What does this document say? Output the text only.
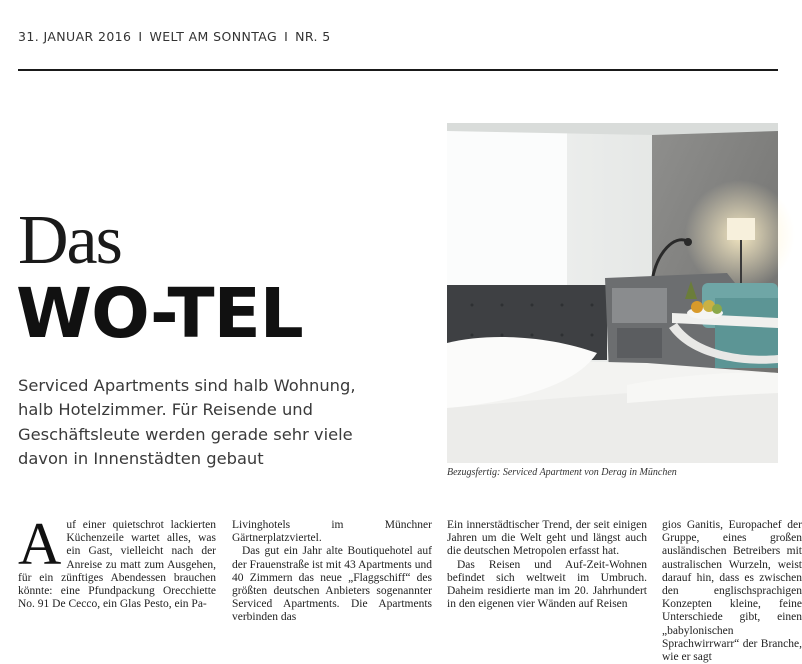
31. JANUAR 2016 I WELT AM SONNTAG I NR. 5
Das
WO-TEL

Serviced Apartments sind halb Wohnung,
halb Hotelzimmer. Für Reisende und
Geschäftsleute werden gerade sehr viele
davon in Innenstädten gebaut

Bezugsfertig: Serviced Apartment von Derag in München
A uf einer quietschrot lackierten Küchenzeile wartet alles, was ein Gast, vielleicht nach der Anreise zu matt zum Ausgehen, für ein zünftiges Abendessen brauchen könnte: eine Pfundpackung Orecchiette No. 91 De Cecco, ein Glas Pesto, ein Pa-

Livinghotels im Münchner Gärtnerplatzviertel.

Das gut ein Jahr alte Boutiquehotel auf der Frauenstraße ist mit 43 Apartments und 40 Zimmern das neue „Flaggschiff“ des größten deutschen Anbieters sogenannter Serviced Apartments. Die Apartments verbinden das

Ein innerstädtischer Trend, der seit einigen Jahren um die Welt geht und längst auch die deutschen Metropolen erfasst hat.

Das Reisen und Auf-Zeit-Wohnen befindet sich weltweit im Umbruch. Daheim residierte man im 20. Jahrhundert in den eigenen vier Wänden auf Reisen

gios Ganitis, Europachef der Gruppe, eines großen ausländischen Betreibers mit australischen Wurzeln, weist darauf hin, dass es zwischen den englischsprachigen Konzepten kleine, feine Unterschiede gibt, einen „babylonischen Sprachwirrwarr“ der Branche, wie er sagt
